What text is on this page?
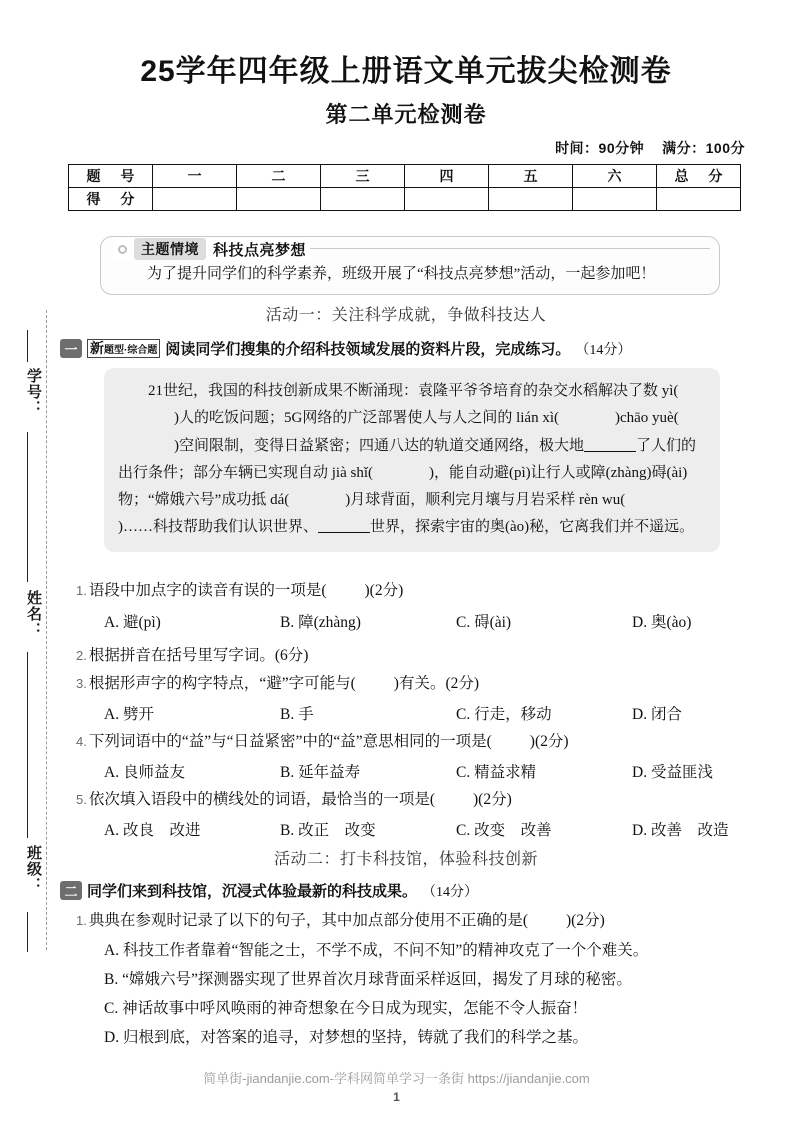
学号：
姓名：
班级：
25学年四年级上册语文单元拔尖检测卷
第二单元检测卷
时间：90分钟 满分：100分
题 号	一	二	三	四	五	六	总 分
得 分							
为了提升同学们的科学素养，班级开展了“科技点亮梦想”活动，一起参加吧！
主题情境 科技点亮梦想
活动一：关注科学成就，争做科技达人
一 新 题型·综合题 阅读同学们搜集的介绍科技领域发展的资料片段，完成练习。 （14分）

21世纪，我国的科技创新成果不断涌现：袁隆平爷爷培育的杂交水稻解决了数 yì()人的吃饭问题；5G网络的广泛部署使人与人之间的 lián xì(	)chāo yuè()空间限制，变得日益紧密；四通八达的轨道交通网络，极大地	了人们的出行条件；部分车辆已实现自动 jià shǐ(	)，能自动避(pì)让行人或障(zhàng)碍(ài)物；“嫦娥六号”成功抵 dá(	)月球背面，顺利完月壤与月岩采样 rèn wu()……科技帮助我们认识世界、	世界，探索宇宙的奥(ào)秘，它离我们并不遥远。

1. 语段中加点字的读音有误的一项是( )(2分)
A. 避(pì)	B. 障(zhàng)	C. 碍(ài)	D. 奥(ào)
2. 根据拼音在括号里写字词。(6分)
3. 根据形声字的构字特点，“避”字可能与( )有关。(2分)
A. 劈开	B. 手	C. 行走，移动	D. 闭合
4. 下列词语中的“益”与“日益紧密”中的“益”意思相同的一项是( )(2分)
A. 良师益友	B. 延年益寿	C. 精益求精	D. 受益匪浅
5. 依次填入语段中的横线处的词语，最恰当的一项是( )(2分)
A. 改良　改进	B. 改正　改变	C. 改变　改善	D. 改善　改造
活动二：打卡科技馆，体验科技创新
二 同学们来到科技馆，沉浸式体验最新的科技成果。 （14分）
1. 典典在参观时记录了以下的句子，其中加点部分使用不正确的是( )(2分)
A. 科技工作者靠着“智能之士，不学不成，不问不知”的精神攻克了一个个难关。
B. “嫦娥六号”探测器实现了世界首次月球背面采样返回，揭发了月球的秘密。
C. 神话故事中呼风唤雨的神奇想象在今日成为现实，怎能不令人振奋！
D. 归根到底，对答案的追寻，对梦想的坚持，铸就了我们的科学之基。
简单街-jiandanjie.com-学科网简单学习一条街 https://jiandanjie.com
1
